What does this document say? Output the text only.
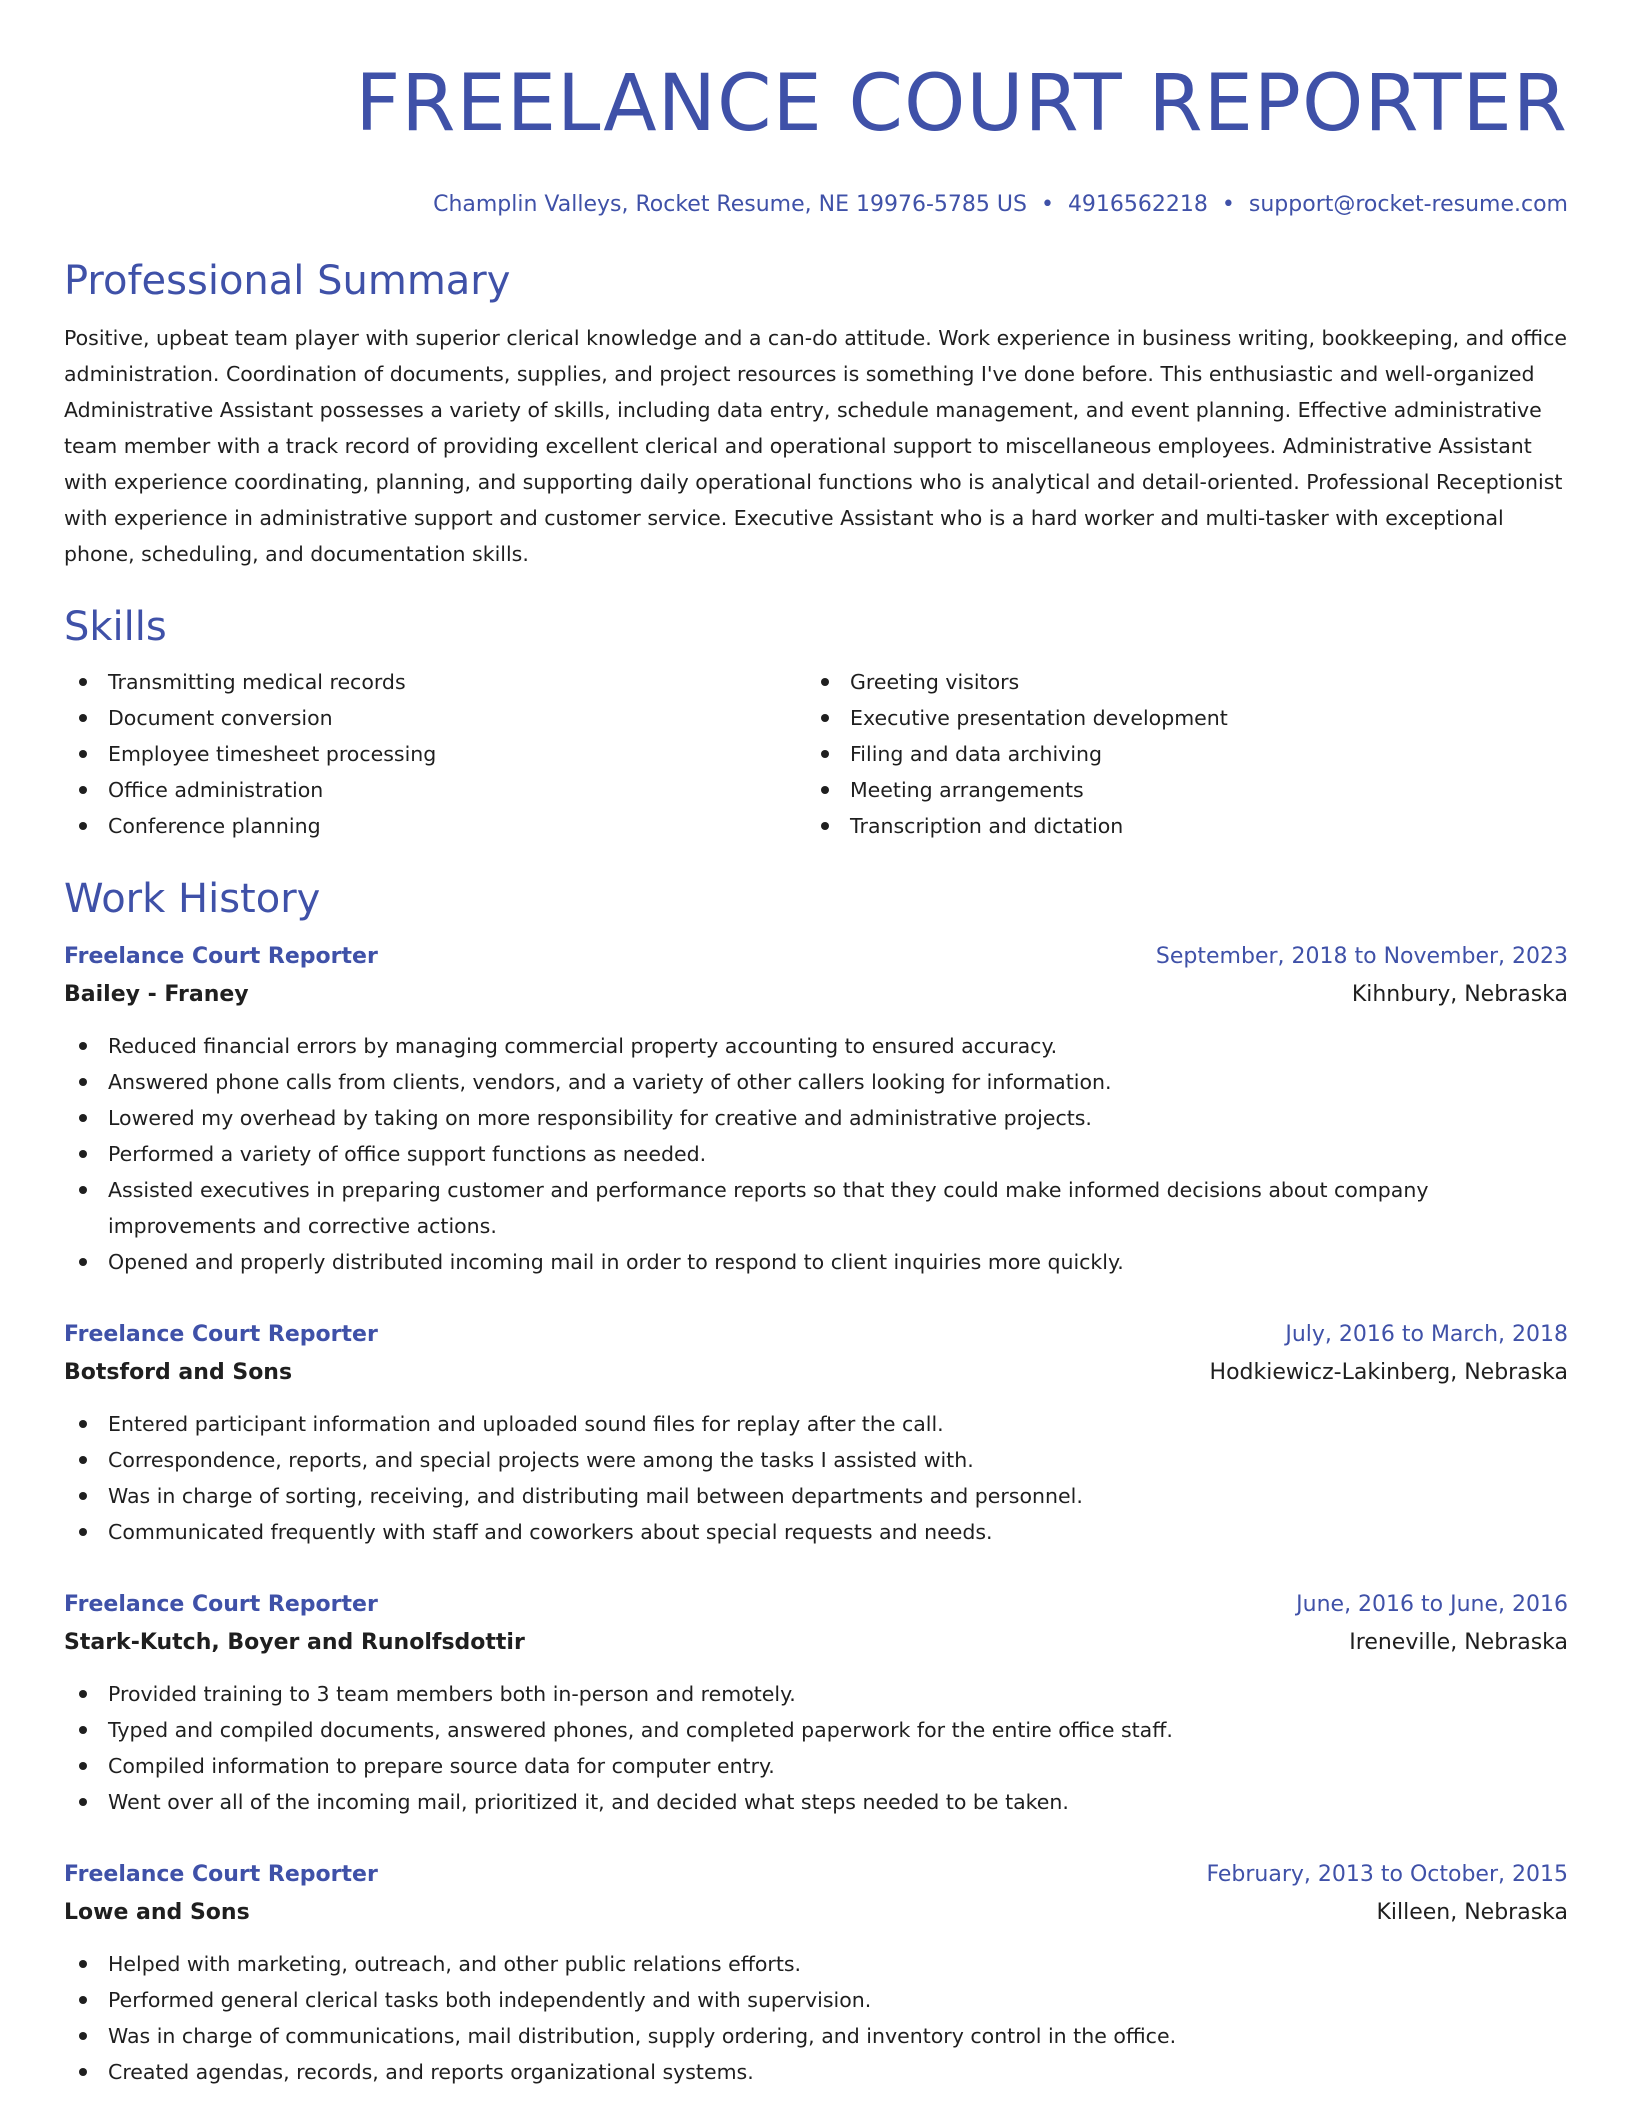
FREELANCE COURT REPORTER
Champlin Valleys, Rocket Resume, NE 19976-5785 US • 4916562218 • support@rocket-resume.com
Professional Summary

Positive, upbeat team player with superior clerical knowledge and a can-do attitude. Work experience in business writing, bookkeeping, and office administration. Coordination of documents, supplies, and project resources is something I've done before. This enthusiastic and well-organized Administrative Assistant possesses a variety of skills, including data entry, schedule management, and event planning. Effective administrative team member with a track record of providing excellent clerical and operational support to miscellaneous employees. Administrative Assistant with experience coordinating, planning, and supporting daily operational functions who is analytical and detail-oriented. Professional Receptionist with experience in administrative support and customer service. Executive Assistant who is a hard worker and multi-tasker with exceptional phone, scheduling, and documentation skills.

Skills
Transmitting medical records
Document conversion
Employee timesheet processing
Office administration
Conference planning
Greeting visitors
Executive presentation development
Filing and data archiving
Meeting arrangements
Transcription and dictation
Work History
Freelance Court Reporter	September, 2018 to November, 2023
Bailey - Franey	Kihnbury, Nebraska
Reduced financial errors by managing commercial property accounting to ensured accuracy.
Answered phone calls from clients, vendors, and a variety of other callers looking for information.
Lowered my overhead by taking on more responsibility for creative and administrative projects.
Performed a variety of office support functions as needed.
Assisted executives in preparing customer and performance reports so that they could make informed decisions about company improvements and corrective actions.
Opened and properly distributed incoming mail in order to respond to client inquiries more quickly.
Freelance Court Reporter	July, 2016 to March, 2018
Botsford and Sons	Hodkiewicz-Lakinberg, Nebraska
Entered participant information and uploaded sound files for replay after the call.
Correspondence, reports, and special projects were among the tasks I assisted with.
Was in charge of sorting, receiving, and distributing mail between departments and personnel.
Communicated frequently with staff and coworkers about special requests and needs.
Freelance Court Reporter	June, 2016 to June, 2016
Stark-Kutch, Boyer and Runolfsdottir	Ireneville, Nebraska
Provided training to 3 team members both in-person and remotely.
Typed and compiled documents, answered phones, and completed paperwork for the entire office staff.
Compiled information to prepare source data for computer entry.
Went over all of the incoming mail, prioritized it, and decided what steps needed to be taken.
Freelance Court Reporter	February, 2013 to October, 2015
Lowe and Sons	Killeen, Nebraska
Helped with marketing, outreach, and other public relations efforts.
Performed general clerical tasks both independently and with supervision.
Was in charge of communications, mail distribution, supply ordering, and inventory control in the office.
Created agendas, records, and reports organizational systems.
